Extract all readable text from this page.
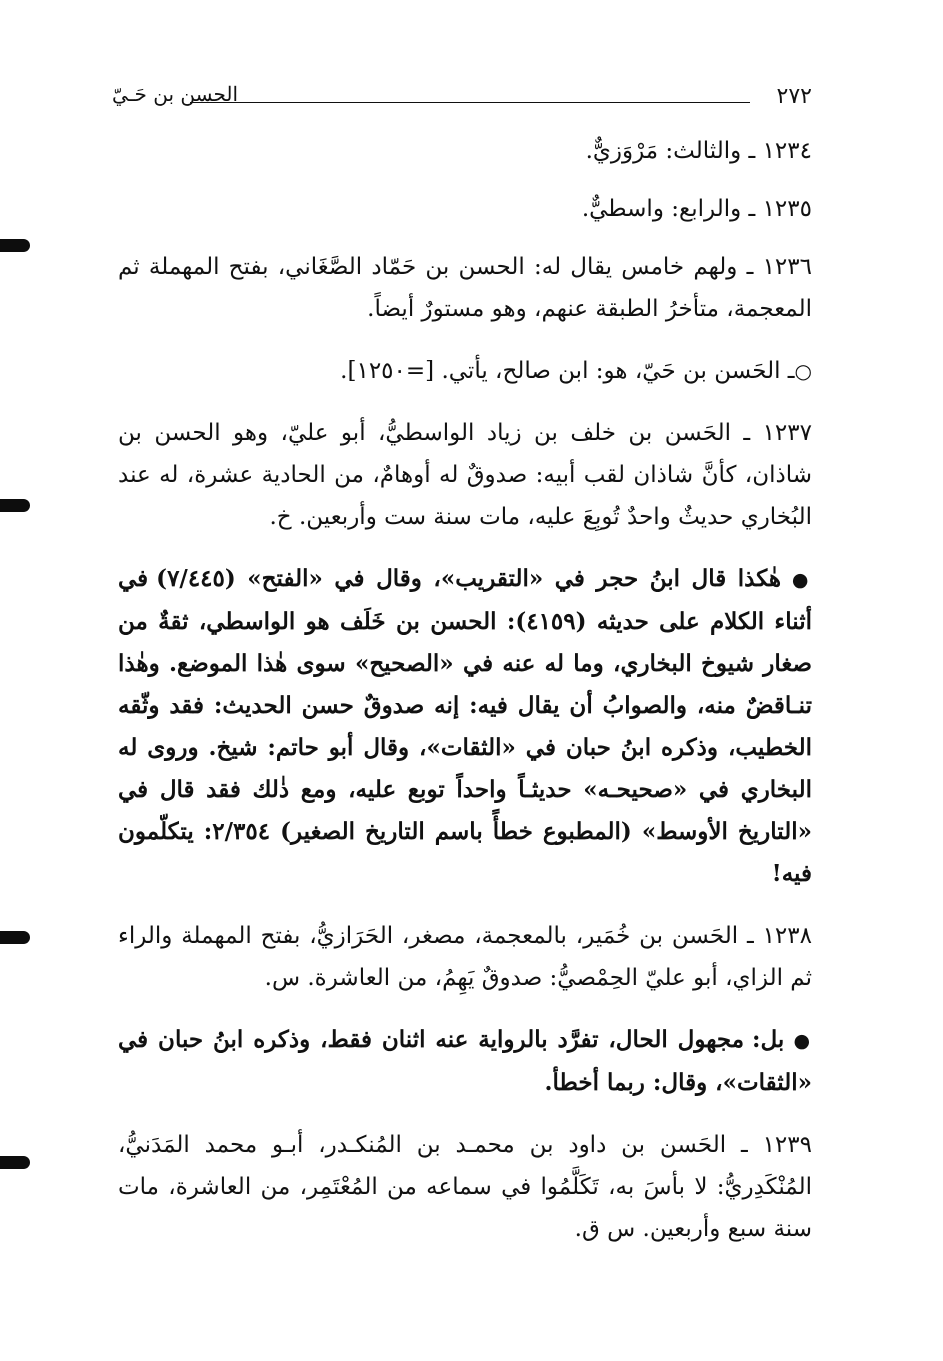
٢٧٢
الحسن بن حَـيّ

١٢٣٤ ـ والثالث: مَرْوَزيٌّ.

١٢٣٥ ـ والرابع: واسطيٌّ.

١٢٣٦ ـ ولهم خامس يقال له: الحسن بن حَمّاد الصَّغَاني، بفتح المهملة ثم المعجمة، متأخرُ الطبقة عنهم، وهو مستورٌ أيضاً.

○ـ الحَسن بن حَيّ، هو: ابن صالح، يأتي. [=١٢٥٠].

١٢٣٧ ـ الحَسن بن خلف بن زياد الواسطيُّ، أبو عليّ، وهو الحسن بن شاذان، كأنَّ شاذان لقب أبيه: صدوقٌ له أوهامٌ، من الحادية عشرة، له عند البُخاري حديثٌ واحدٌ تُوبِعَ عليه، مات سنة ست وأربعين. خ.

● هٰكذا قال ابنُ حجر في «التقريب»، وقال في «الفتح» (٧/٤٤٥) في أثناء الكلام على حديثه (٤١٥٩): الحسن بن خَلَف هو الواسطي، ثقةٌ من صغار شيوخ البخاري، وما له عنه في «الصحيح» سوى هٰذا الموضع. وهٰذا تنـاقضٌ منه، والصوابُ أن يقال فيه: إنه صدوقٌ حسن الحديث: فقد وثّقه الخطيب، وذكره ابنُ حبان في «الثقات»، وقال أبو حاتم: شيخ. وروى له البخاري في «صحيحـه» حديثـاً واحداً توبع عليه، ومع ذٰلك فقد قال في «التاريخ الأوسط» (المطبوع خطأً باسم التاريخ الصغير) ٢/٣٥٤: يتكلّمون فيه!

١٢٣٨ ـ الحَسن بن خُمَير، بالمعجمة، مصغر، الحَرَازيُّ، بفتح المهملة والراء ثم الزاي، أبو عليّ الحِمْصيُّ: صدوقٌ يَهِمُ، من العاشرة. س.

● بل: مجهول الحال، تفرَّد بالرواية عنه اثنان فقط، وذكره ابنُ حبان في «الثقات»، وقال: ربما أخطأ.

١٢٣٩ ـ الحَسن بن داود بن محمـد بن المُنكـدر، أبـو محمد المَدَنيُّ، المُنْكَدِريُّ: لا بأسَ به، تَكَلَّمُوا في سماعه من المُعْتَمِر، من العاشرة، مات سنة سبع وأربعين. س ق.
